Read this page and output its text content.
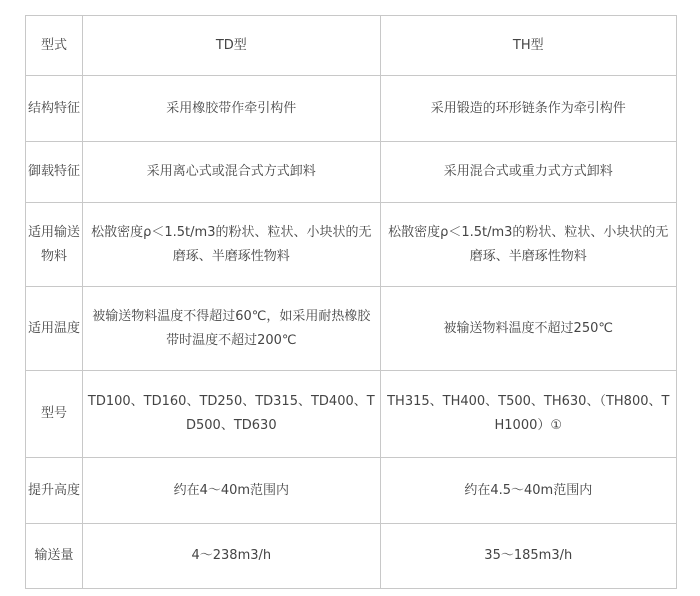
型式	TD型	TH型
结构特征	采用橡胶带作牵引构件	采用锻造的环形链条作为牵引构件
御载特征	采用离心式或混合式方式卸料	采用混合式或重力式方式卸料
适用输送物料	松散密度ρ＜1.5t/m3的粉状、粒状、小块状的无磨琢、半磨琢性物料	松散密度ρ＜1.5t/m3的粉状、粒状、小块状的无磨琢、半磨琢性物料
适用温度	被输送物料温度不得超过60℃，如采用耐热橡胶带时温度不超过200℃	被输送物料温度不超过250℃
型号	TD100、TD160、TD250、TD315、TD400、TD500、TD630	TH315、TH400、T500、TH630、（TH800、TH1000）①
提升高度	约在4～40m范围内	约在4.5～40m范围内
输送量	4～238m3/h	35～185m3/h
